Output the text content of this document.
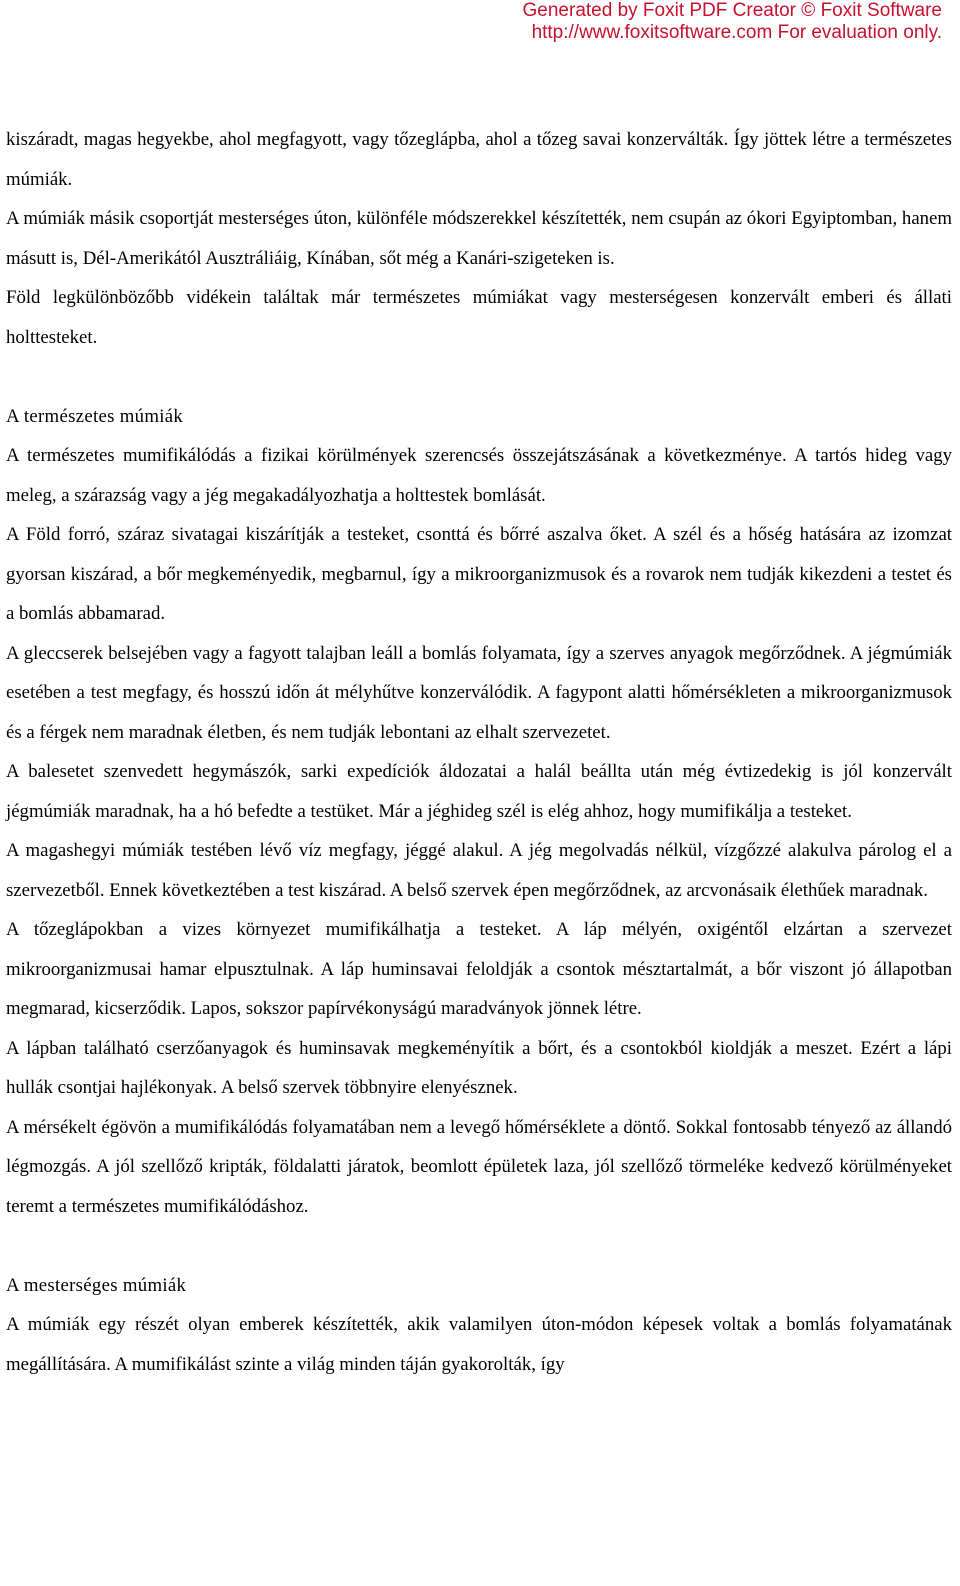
Generated by Foxit PDF Creator © Foxit Software
http://www.foxitsoftware.com For evaluation only.

kiszáradt, magas hegyekbe, ahol megfagyott, vagy tőzeglápba, ahol a tőzeg savai konzerválták. Így jöttek létre a természetes múmiák.

A múmiák másik csoportját mesterséges úton, különféle módszerekkel készítették, nem csupán az ókori Egyiptomban, hanem másutt is, Dél-Amerikától Ausztráliáig, Kínában, sőt még a Kanári-szigeteken is.

Föld legkülönbözőbb vidékein találtak már természetes múmiákat vagy mesterségesen konzervált emberi és állati holttesteket.

A természetes múmiák

A természetes mumifikálódás a fizikai körülmények szerencsés összejátszásának a következménye. A tartós hideg vagy meleg, a szárazság vagy a jég megakadályozhatja a holttestek bomlását.

A Föld forró, száraz sivatagai kiszárítják a testeket, csonttá és bőrré aszalva őket. A szél és a hőség hatására az izomzat gyorsan kiszárad, a bőr megkeményedik, megbarnul, így a mikroorganizmusok és a rovarok nem tudják kikezdeni a testet és a bomlás abbamarad.

A gleccserek belsejében vagy a fagyott talajban leáll a bomlás folyamata, így a szerves anyagok megőrződnek. A jégmúmiák esetében a test megfagy, és hosszú időn át mélyhűtve konzerválódik. A fagypont alatti hőmérsékleten a mikroorganizmusok és a férgek nem maradnak életben, és nem tudják lebontani az elhalt szervezetet.

A balesetet szenvedett hegymászók, sarki expedíciók áldozatai a halál beállta után még évtizedekig is jól konzervált jégmúmiák maradnak, ha a hó befedte a testüket. Már a jéghideg szél is elég ahhoz, hogy mumifikálja a testeket.

A magashegyi múmiák testében lévő víz megfagy, jéggé alakul. A jég megolvadás nélkül, vízgőzzé alakulva párolog el a szervezetből. Ennek következtében a test kiszárad. A belső szervek épen megőrződnek, az arcvonásaik élethűek maradnak.

A tőzeglápokban a vizes környezet mumifikálhatja a testeket. A láp mélyén, oxigéntől elzártan a szervezet mikroorganizmusai hamar elpusztulnak. A láp huminsavai feloldják a csontok mésztartalmát, a bőr viszont jó állapotban megmarad, kicserződik. Lapos, sokszor papírvékonyságú maradványok jönnek létre.

A lápban található cserzőanyagok és huminsavak megkeményítik a bőrt, és a csontokból kioldják a meszet. Ezért a lápi hullák csontjai hajlékonyak. A belső szervek többnyire elenyésznek.

A mérsékelt égövön a mumifikálódás folyamatában nem a levegő hőmérséklete a döntő. Sokkal fontosabb tényező az állandó légmozgás. A jól szellőző kripták, földalatti járatok, beomlott épületek laza, jól szellőző törmeléke kedvező körülményeket teremt a természetes mumifikálódáshoz.

A mesterséges múmiák

A múmiák egy részét olyan emberek készítették, akik valamilyen úton-módon képesek voltak a bomlás folyamatának megállítására. A mumifikálást szinte a világ minden táján gyakorolták, így
